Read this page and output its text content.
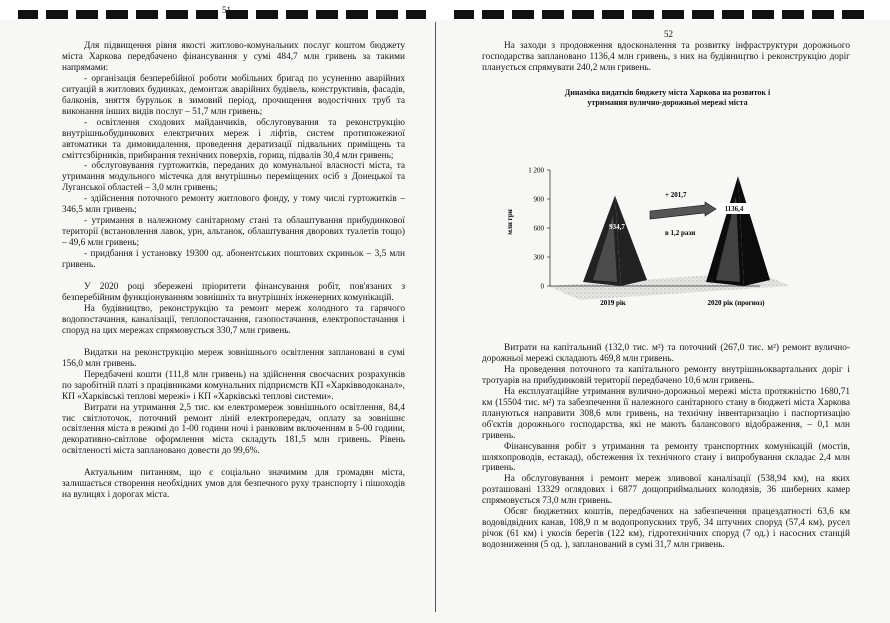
51

Для підвищення рівня якості житлово-комунальних послуг коштом бюджету міста Харкова передбачено фінансування у сумі 484,7 млн гривень за такими напрямами:

- організація безперебійної роботи мобільних бригад по усуненню аварійних ситуацій в житлових будинках, демонтаж аварійних будівель, конструктивів, фасадів, балконів, зняття бурульок в зимовий період, прочищення водостічних труб та виконання інших видів послуг – 51,7 млн гривень;

- освітлення сходових майданчиків, обслуговування та реконструкцію внутрішньобудинкових електричних мереж і ліфтів, систем протипожежної автоматики та димовидалення, проведення дератизації підвальних приміщень та сміттєзбірників, прибирання технічних поверхів, горищ, підвалів 30,4 млн гривень;

- обслуговування гуртожитків, переданих до комунальної власності міста, та утримання модульного містечка для внутрішньо переміщених осіб з Донецької та Луганської областей – 3,0 млн гривень;

- здійснення поточного ремонту житлового фонду, у тому числі гуртожитків – 346,5 млн гривень;

- утримання в належному санітарному стані та облаштування прибудинкової території (встановлення лавок, урн, альтанок, облаштування дворових туалетів тощо) – 49,6 млн гривень;

- придбання і установку 19300 од. абонентських поштових скриньок – 3,5 млн гривень.

У 2020 році збережені пріоритети фінансування робіт, пов'язаних з безперебійним функціонуванням зовнішніх та внутрішніх інженерних комунікацій.

На будівництво, реконструкцію та ремонт мереж холодного та гарячого водопостачання, каналізації, теплопостачання, газопостачання, електропостачання і споруд на цих мережах спрямовується 330,7 млн гривень.

Видатки на реконструкцію мереж зовнішнього освітлення заплановані в сумі 156,0 млн гривень.

Передбачені кошти (111,8 млн гривень) на здійснення своєчасних розрахунків по заробітній платі з працівниками комунальних підприємств КП «Харківводоканал», КП «Харківські теплові мережі» і КП «Харківські теплові системи».

Витрати на утримання 2,5 тис. км електромереж зовнішнього освітлення, 84,4 тис світлоточок, поточний ремонт ліній електропередач, оплату за зовнішнє освітлення міста в режимі до 1-00 години ночі і ранковим включенням в 5-00 години, декоративно-світлове оформлення міста складуть 181,5 млн гривень. Рівень освітленості міста заплановано довести до 99,6%.

Актуальним питанням, що є соціально значимим для громадян міста, залишається створення необхідних умов для безпечного руху транспорту і пішоходів на вулицях і дорогах міста.

52

На заходи з продовження вдосконалення та розвитку інфраструктури дорожнього господарства заплановано 1136,4 млн гривень, з них на будівництво і реконструкцію доріг планується спрямувати 240,2 млн гривень.

Динаміка видатків бюджету міста Харкова на розвиток і утримання вулично-дорожньої мережі міста
0
300
600
900
1 200
млн грн	934,7
1136,4
+ 201,7
в 1,2 рази
2019 рік	2020 рік (прогноз)

Витрати на капітальний (132,0 тис. м²) та поточний (267,0 тис. м²) ремонт вулично-дорожньої мережі складають 469,8 млн гривень.

На проведення поточного та капітального ремонту внутрішньоквартальних доріг і тротуарів на прибудинковій території передбачено 10,6 млн гривень.

На експлуатаційне утримання вулично-дорожньої мережі міста протяжністю 1680,71 км (15504 тис. м²) та забезпечення її належного санітарного стану в бюджеті міста Харкова плануються направити 308,6 млн гривень, на технічну інвентаризацію і паспортизацію об'єктів дорожнього господарства, які не мають балансового відображення, – 0,1 млн гривень.

Фінансування робіт з утримання та ремонту транспортних комунікацій (мостів, шляхопроводів, естакад), обстеження їх технічного стану і випробування складає 2,4 млн гривень.

На обслуговування і ремонт мереж зливової каналізації (538,94 км), на яких розташовані 13329 оглядових і 6877 дощоприймальних колодязів, 36 шиберних камер спрямовується 73,0 млн гривень.

Обсяг бюджетних коштів, передбачених на забезпечення працездатності 63,6 км водовідвідних канав, 108,9 п м водопропускних труб, 34 штучних споруд (57,4 км), русел річок (61 км) і укосів берегів (122 км), гідротехнічних споруд (7 од.) і насосних станцій водозниження (5 од. ), запланований в сумі 31,7 млн гривень.
